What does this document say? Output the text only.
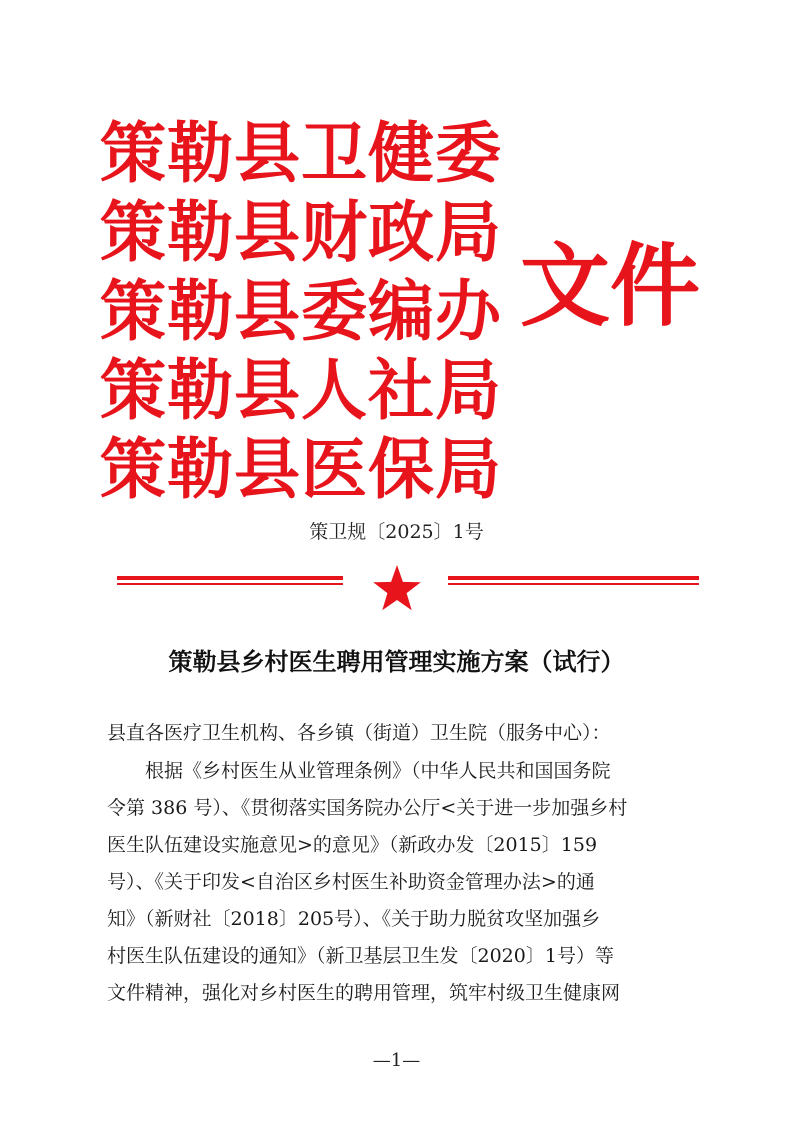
策勒县卫健委
策勒县财政局
策勒县委编办
策勒县人社局
策勒县医保局
文件
策卫规〔2025〕1号
策勒县乡村医生聘用管理实施方案（试行）
县直各医疗卫生机构、各乡镇（街道）卫生院（服务中心）：
　　根据《乡村医生从业管理条例》（中华人民共和国国务院
令第 386 号）、《贯彻落实国务院办公厅<关于进一步加强乡村
医生队伍建设实施意见>的意见》（新政办发〔2015〕159
号）、《关于印发<自治区乡村医生补助资金管理办法>的通
知》（新财社〔2018〕205号）、《关于助力脱贫攻坚加强乡
村医生队伍建设的通知》（新卫基层卫生发〔2020〕1号）等
文件精神，强化对乡村医生的聘用管理，筑牢村级卫生健康网
—1—
